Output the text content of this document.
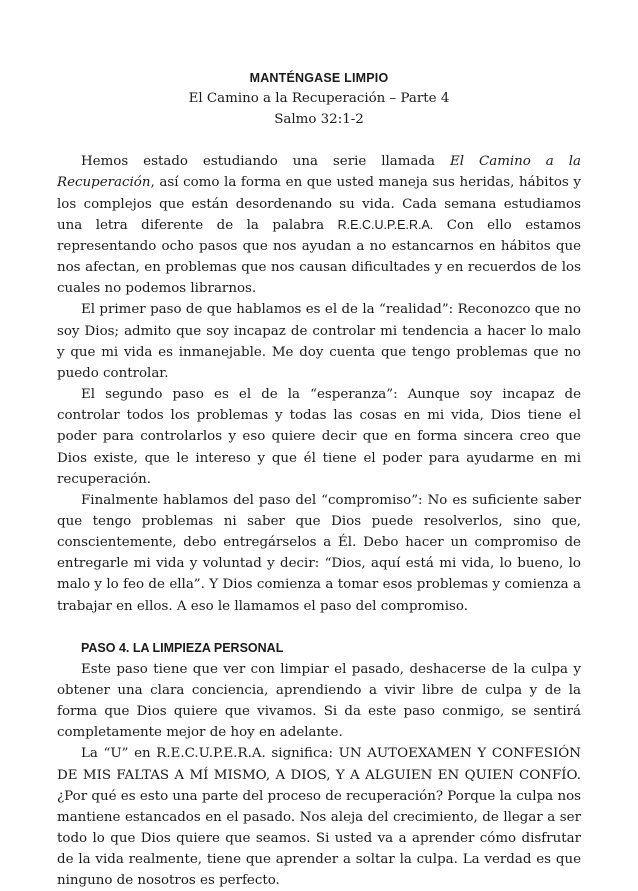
MANTÉNGASE LIMPIO
El Camino a la Recuperación – Parte 4
Salmo 32:1-2

Hemos estado estudiando una serie llamada El Camino a la Recuperación, así como la forma en que usted maneja sus heridas, hábitos y los complejos que están desordenando su vida. Cada semana estudiamos una letra diferente de la palabra R.E.C.U.P.E.R.A. Con ello estamos representando ocho pasos que nos ayudan a no estancarnos en hábitos que nos afectan, en problemas que nos causan dificultades y en recuerdos de los cuales no podemos librarnos.

El primer paso de que hablamos es el de la “realidad”: Reconozco que no soy Dios; admito que soy incapaz de controlar mi tendencia a hacer lo malo y que mi vida es inmanejable. Me doy cuenta que tengo problemas que no puedo controlar.

El segundo paso es el de la “esperanza”: Aunque soy incapaz de controlar todos los problemas y todas las cosas en mi vida, Dios tiene el poder para controlarlos y eso quiere decir que en forma sincera creo que Dios existe, que le intereso y que él tiene el poder para ayudarme en mi recuperación.

Finalmente hablamos del paso del “compromiso”: No es suficiente saber que tengo problemas ni saber que Dios puede resolverlos, sino que, conscientemente, debo entregárselos a Él. Debo hacer un compromiso de entregarle mi vida y voluntad y decir: “Dios, aquí está mi vida, lo bueno, lo malo y lo feo de ella”. Y Dios comienza a tomar esos problemas y comienza a trabajar en ellos. A eso le llamamos el paso del compromiso.

PASO 4. LA LIMPIEZA PERSONAL

Este paso tiene que ver con limpiar el pasado, deshacerse de la culpa y obtener una clara conciencia, aprendiendo a vivir libre de culpa y de la forma que Dios quiere que vivamos. Si da este paso conmigo, se sentirá completamente mejor de hoy en adelante.

La “U” en R.E.C.U.P.E.R.A. significa: UN AUTOEXAMEN Y CONFESIÓN DE MIS FALTAS A MÍ MISMO, A DIOS, Y A ALGUIEN EN QUIEN CONFÍO. ¿Por qué es esto una parte del proceso de recuperación? Porque la culpa nos mantiene estancados en el pasado. Nos aleja del crecimiento, de llegar a ser todo lo que Dios quiere que seamos. Si usted va a aprender cómo disfrutar de la vida realmente, tiene que aprender a soltar la culpa. La verdad es que ninguno de nosotros es perfecto.
